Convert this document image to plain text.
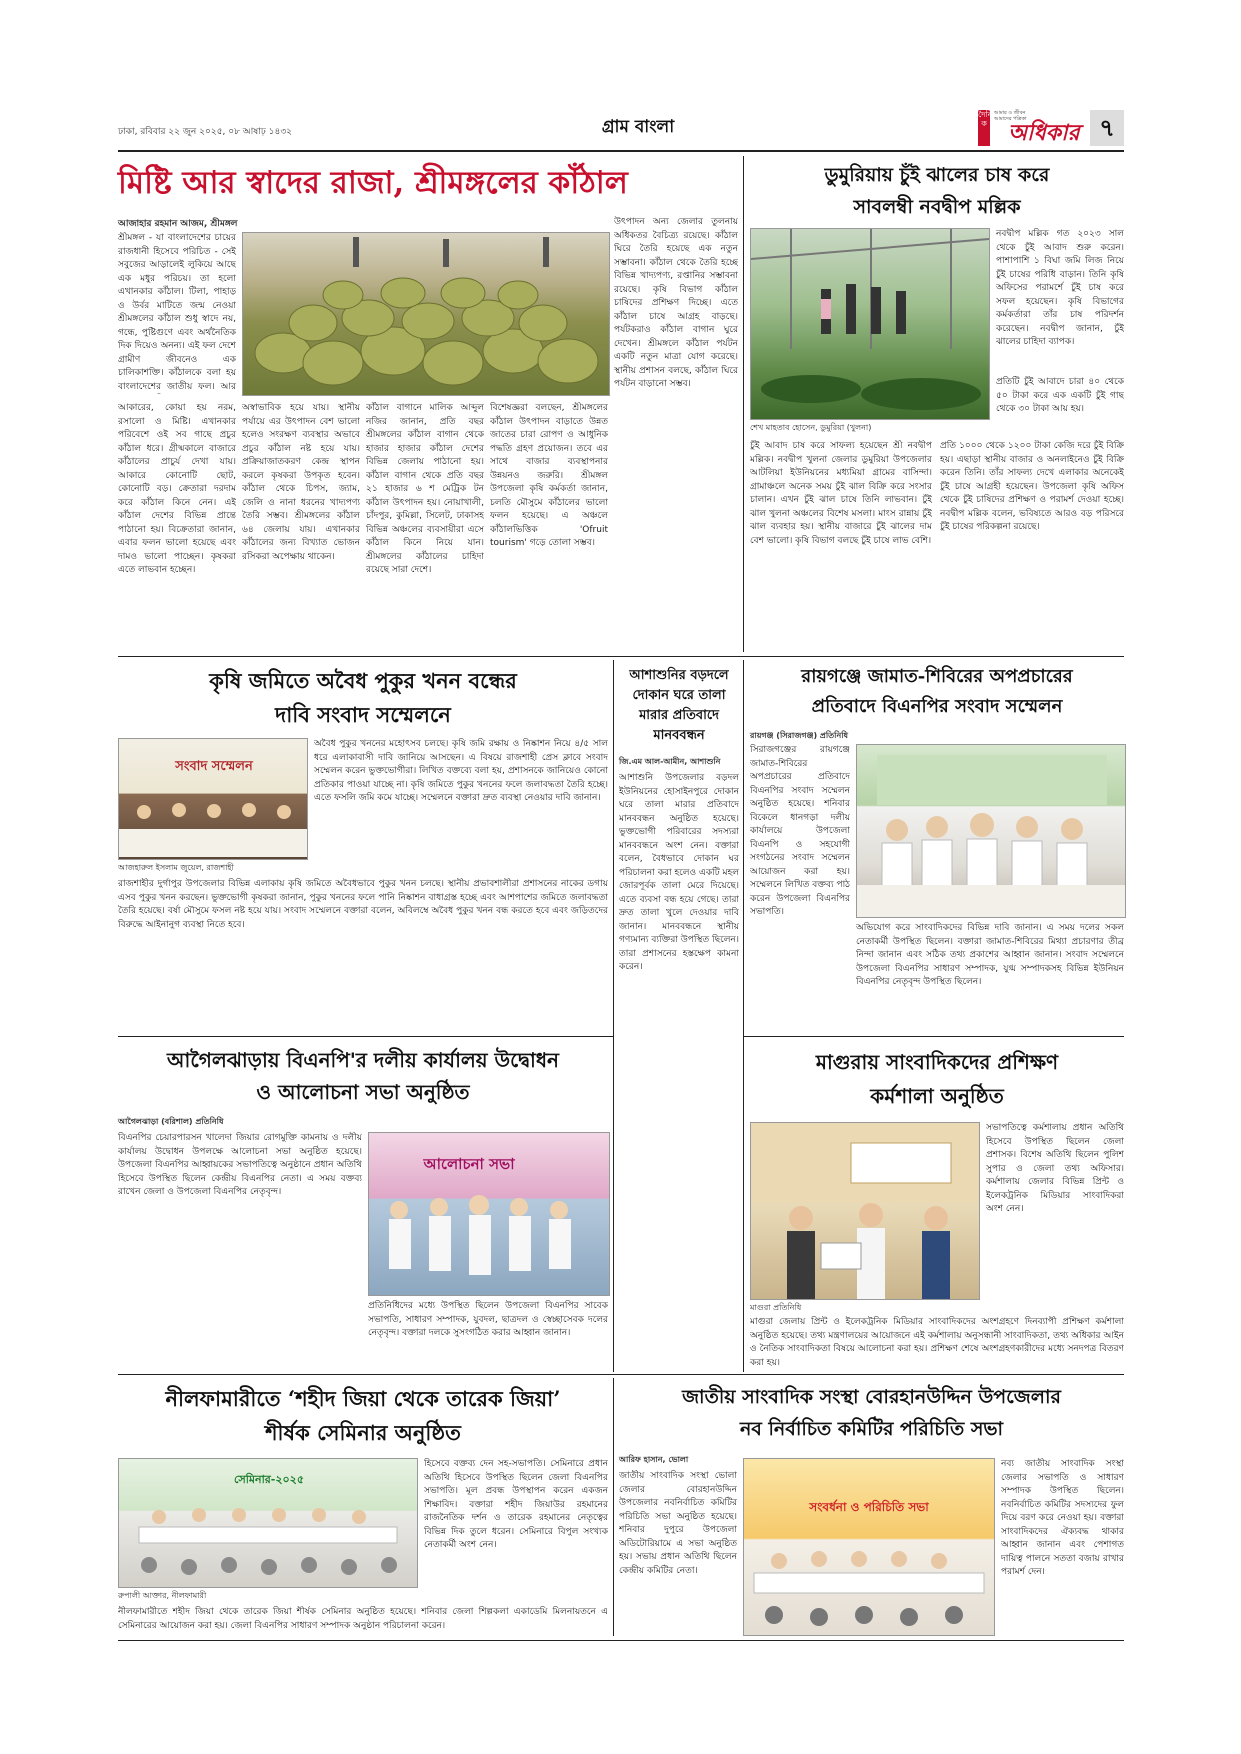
ঢাকা, রবিবার ২২ জুন ২০২৫, ০৮ আষাঢ় ১৪৩২	গ্রাম বাংলা
দৈনিক
আমার ও জীবন আমাদের পত্রিকা
অধিকার ৭
মিষ্টি আর স্বাদের রাজা, শ্রীমঙ্গলের কাঁঠাল
আজাহার রহমান আজম, শ্রীমঙ্গল
শ্রীমঙ্গল - যা বাংলাদেশের চায়ের রাজধানী হিসেবে পরিচিত - সেই সবুজের আড়ালেই লুকিয়ে আছে এক মধুর পরিচয়। তা হলো এখানকার কাঁঠাল। টিলা, পাহাড় ও উর্বর মাটিতে জন্ম নেওয়া শ্রীমঙ্গলের কাঁঠাল শুধু স্বাদে নয়, গন্ধে, পুষ্টিগুণে এবং অর্থনৈতিক দিক দিয়েও অনন্য। এই ফল দেশে গ্রামীণ জীবনেও এক চালিকাশক্তি। কাঁঠালকে বলা হয় বাংলাদেশের জাতীয় ফল। আর
আকারের, কোয়া হয় নরম, রসালো ও মিষ্টি। এখানকার পরিবেশে ওই সব গাছে প্রচুর কাঁঠাল ধরে। গ্রীষ্মকালে বাজারে কাঁঠালের প্রাচুর্য দেখা যায়। আকারে কোনোটি ছোট, কোনোটি বড়। ক্রেতারা দরদাম করে কাঁঠাল কিনে নেন। এই কাঁঠাল দেশের বিভিন্ন প্রান্তে পাঠানো হয়। বিক্রেতারা জানান, এবার ফলন ভালো হয়েছে এবং দামও ভালো পাচ্ছেন। কৃষকরা এতে লাভবান হচ্ছেন।
অস্বাভাবিক হয়ে যায়। স্থানীয় পর্যায়ে এর উৎপাদন বেশ ভালো হলেও সংরক্ষণ ব্যবস্থার অভাবে প্রচুর কাঁঠাল নষ্ট হয়ে যায়। প্রক্রিয়াজাতকরণ কেন্দ্র স্থাপন করলে কৃষকরা উপকৃত হবেন। কাঁঠাল থেকে চিপস, জ্যাম, জেলি ও নানা ধরনের খাদ্যপণ্য তৈরি সম্ভব। শ্রীমঙ্গলের কাঁঠাল ৬৪ জেলায় যায়। এখানকার কাঁঠালের জন্য বিখ্যাত ভোজন রসিকরা অপেক্ষায় থাকেন।
কাঁঠাল বাগানে মালিক আব্দুল নজির জানান, প্রতি বছর শ্রীমঙ্গলের কাঁঠাল বাগান থেকে হাজার হাজার কাঁঠাল দেশের বিভিন্ন জেলায় পাঠানো হয়। কাঁঠাল বাগান থেকে প্রতি বছর ২১ হাজার ৬ শ মেট্রিক টন কাঁঠাল উৎপাদন হয়। নোয়াখালী, চাঁদপুর, কুমিল্লা, সিলেট, ঢাকাসহ বিভিন্ন অঞ্চলের ব্যবসায়ীরা এসে কাঁঠাল কিনে নিয়ে যান। শ্রীমঙ্গলের কাঁঠালের চাহিদা রয়েছে সারা দেশে।
বিশেষজ্ঞরা বলছেন, শ্রীমঙ্গলের কাঁঠাল উৎপাদন বাড়াতে উন্নত জাতের চারা রোপণ ও আধুনিক পদ্ধতি গ্রহণ প্রয়োজন। তবে এর সাথে বাজার ব্যবস্থাপনার উন্নয়নও জরুরি। শ্রীমঙ্গল উপজেলা কৃষি কর্মকর্তা জানান, চলতি মৌসুমে কাঁঠালের ভালো ফলন হয়েছে। এ অঞ্চলে কাঁঠালভিত্তিক 'Ofruit tourism' গড়ে তোলা সম্ভব।
উৎপাদন অন্য জেলার তুলনায় অধিকতর বৈচিত্র্য রয়েছে। কাঁঠাল ঘিরে তৈরি হয়েছে এক নতুন সম্ভাবনা। কাঁঠাল থেকে তৈরি হচ্ছে বিভিন্ন খাদ্যপণ্য, রপ্তানির সম্ভাবনা রয়েছে। কৃষি বিভাগ কাঁঠাল চাষিদের প্রশিক্ষণ দিচ্ছে। এতে কাঁঠাল চাষে আগ্রহ বাড়ছে। পর্যটকরাও কাঁঠাল বাগান ঘুরে দেখেন। শ্রীমঙ্গলে কাঁঠাল পর্যটন একটি নতুন মাত্রা যোগ করেছে। স্থানীয় প্রশাসন বলছে, কাঁঠাল ঘিরে পর্যটন বাড়ানো সম্ভব।
ডুমুরিয়ায় চুঁই ঝালের চাষ করে
সাবলম্বী নবদ্বীপ মল্লিক
শেখ মাহতাব হোসেন, ডুমুরিয়া (খুলনা)
নবদ্বীপ মল্লিক গত ২০২৩ সাল থেকে চুঁই আবাদ শুরু করেন। পাশাপাশি ১ বিঘা জমি লিজ নিয়ে চুঁই চাষের পরিধি বাড়ান। তিনি কৃষি অফিসের পরামর্শে চুঁই চাষ করে সফল হয়েছেন। কৃষি বিভাগের কর্মকর্তারা তাঁর চাষ পরিদর্শন করেছেন। নবদ্বীপ জানান, চুঁই ঝালের চাহিদা ব্যাপক।
প্রতিটি চুঁই আবাদে চারা ৪০ থেকে ৫০ টাকা করে এক একটি চুঁই গাছ থেকে ৩০ টাকা আয় হয়।
চুঁই আবাদ চাষ করে সাফল্য হয়েছেন শ্রী নবদ্বীপ মল্লিক। নবদ্বীপ খুলনা জেলার ডুমুরিয়া উপজেলার আটলিয়া ইউনিয়নের মধ্যমিয়া গ্রামের বাসিন্দা। গ্রামাঞ্চলে অনেক সময় চুঁই ঝাল বিক্রি করে সংসার চালান। এখন চুঁই ঝাল চাষে তিনি লাভবান। চুঁই ঝাল খুলনা অঞ্চলের বিশেষ মসলা। মাংস রান্নায় চুঁই ঝাল ব্যবহার হয়। স্থানীয় বাজারে চুঁই ঝালের দাম বেশ ভালো। কৃষি বিভাগ বলছে চুঁই চাষে লাভ বেশি।
প্রতি ১০০০ থেকে ১২০০ টাকা কেজি দরে চুঁই বিক্রি হয়। এছাড়া স্থানীয় বাজার ও অনলাইনেও চুঁই বিক্রি করেন তিনি। তাঁর সাফল্য দেখে এলাকার অনেকেই চুঁই চাষে আগ্রহী হয়েছেন। উপজেলা কৃষি অফিস থেকে চুঁই চাষিদের প্রশিক্ষণ ও পরামর্শ দেওয়া হচ্ছে। নবদ্বীপ মল্লিক বলেন, ভবিষ্যতে আরও বড় পরিসরে চুঁই চাষের পরিকল্পনা রয়েছে।
কৃষি জমিতে অবৈধ পুকুর খনন বন্ধের
দাবি সংবাদ সম্মেলনে
সংবাদ সম্মেলন
আজহারুল ইসলাম জুয়েল, রাজশাহী
অবৈধ পুকুর খননের মহোৎসব চলছে। কৃষি জমি রক্ষায় ও নিষ্কাশন নিয়ে ৪/৫ সাল ধরে এলাকাবাসী দাবি জানিয়ে আসছেন। এ বিষয়ে রাজশাহী প্রেস ক্লাবে সংবাদ সম্মেলন করেন ভুক্তভোগীরা। লিখিত বক্তব্যে বলা হয়, প্রশাসনকে জানিয়েও কোনো প্রতিকার পাওয়া যাচ্ছে না। কৃষি জমিতে পুকুর খননের ফলে জলাবদ্ধতা তৈরি হচ্ছে। এতে ফসলি জমি কমে যাচ্ছে। সম্মেলনে বক্তারা দ্রুত ব্যবস্থা নেওয়ার দাবি জানান।
রাজশাহীর দুর্গাপুর উপজেলার বিভিন্ন এলাকায় কৃষি জমিতে অবৈধভাবে পুকুর খনন চলছে। স্থানীয় প্রভাবশালীরা প্রশাসনের নাকের ডগায় এসব পুকুর খনন করছেন। ভুক্তভোগী কৃষকরা জানান, পুকুর খননের ফলে পানি নিষ্কাশন বাধাগ্রস্ত হচ্ছে এবং আশপাশের জমিতে জলাবদ্ধতা তৈরি হয়েছে। বর্ষা মৌসুমে ফসল নষ্ট হয়ে যায়। সংবাদ সম্মেলনে বক্তারা বলেন, অবিলম্বে অবৈধ পুকুর খনন বন্ধ করতে হবে এবং জড়িতদের বিরুদ্ধে আইনানুগ ব্যবস্থা নিতে হবে।
আশাশুনির বড়দলে দোকান ঘরে তালা মারার প্রতিবাদে মানববন্ধন
জি.এম আল-আমীন, আশাশুনি
আশাশুনি উপজেলার বড়দল ইউনিয়নের হোসাইনপুরে দোকান ঘরে তালা মারার প্রতিবাদে মানববন্ধন অনুষ্ঠিত হয়েছে। ভুক্তভোগী পরিবারের সদস্যরা মানববন্ধনে অংশ নেন। বক্তারা বলেন, বৈধভাবে দোকান ঘর পরিচালনা করা হলেও একটি মহল জোরপূর্বক তালা মেরে দিয়েছে। এতে ব্যবসা বন্ধ হয়ে গেছে। তারা দ্রুত তালা খুলে দেওয়ার দাবি জানান। মানববন্ধনে স্থানীয় গণ্যমান্য ব্যক্তিরা উপস্থিত ছিলেন। তারা প্রশাসনের হস্তক্ষেপ কামনা করেন।
রায়গঞ্জে জামাত-শিবিরের অপপ্রচারের
প্রতিবাদে বিএনপির সংবাদ সম্মেলন
রায়গঞ্জ (সিরাজগঞ্জ) প্রতিনিধি
সিরাজগঞ্জের রায়গঞ্জে জামাত-শিবিরের অপপ্রচারের প্রতিবাদে বিএনপির সংবাদ সম্মেলন অনুষ্ঠিত হয়েছে। শনিবার বিকেলে ধানগড়া দলীয় কার্যালয়ে উপজেলা বিএনপি ও সহযোগী সংগঠনের সংবাদ সম্মেলন আয়োজন করা হয়। সম্মেলনে লিখিত বক্তব্য পাঠ করেন উপজেলা বিএনপির সভাপতি।
অভিযোগ করে সাংবাদিকদের বিভিন্ন দাবি জানান। এ সময় দলের সকল নেতাকর্মী উপস্থিত ছিলেন। বক্তারা জামাত-শিবিরের মিথ্যা প্রচারণার তীব্র নিন্দা জানান এবং সঠিক তথ্য প্রকাশের আহ্বান জানান। সংবাদ সম্মেলনে উপজেলা বিএনপির সাধারণ সম্পাদক, যুগ্ম সম্পাদকসহ বিভিন্ন ইউনিয়ন বিএনপির নেতৃবৃন্দ উপস্থিত ছিলেন।
আগৈলঝাড়ায় বিএনপি'র দলীয় কার্যালয় উদ্বোধন
ও আলোচনা সভা অনুষ্ঠিত
আগৈলঝাড়া (বরিশাল) প্রতিনিধি
বিএনপির চেয়ারপারসন খালেদা জিয়ার রোগমুক্তি কামনায় ও দলীয় কার্যালয় উদ্বোধন উপলক্ষে আলোচনা সভা অনুষ্ঠিত হয়েছে। উপজেলা বিএনপির আহ্বায়কের সভাপতিত্বে অনুষ্ঠানে প্রধান অতিথি হিসেবে উপস্থিত ছিলেন কেন্দ্রীয় বিএনপির নেতা। এ সময় বক্তব্য রাখেন জেলা ও উপজেলা বিএনপির নেতৃবৃন্দ।
আলোচনা সভা
প্রতিনিধিদের মধ্যে উপস্থিত ছিলেন উপজেলা বিএনপির সাবেক সভাপতি, সাধারণ সম্পাদক, যুবদল, ছাত্রদল ও স্বেচ্ছাসেবক দলের নেতৃবৃন্দ। বক্তারা দলকে সুসংগঠিত করার আহ্বান জানান।
মাগুরায় সাংবাদিকদের প্রশিক্ষণ
কর্মশালা অনুষ্ঠিত
মাগুরা প্রতিনিধি
সভাপতিত্বে কর্মশালায় প্রধান অতিথি হিসেবে উপস্থিত ছিলেন জেলা প্রশাসক। বিশেষ অতিথি ছিলেন পুলিশ সুপার ও জেলা তথ্য অফিসার। কর্মশালায় জেলার বিভিন্ন প্রিন্ট ও ইলেকট্রনিক মিডিয়ার সাংবাদিকরা অংশ নেন।
মাগুরা জেলায় প্রিন্ট ও ইলেকট্রনিক মিডিয়ার সাংবাদিকদের অংশগ্রহণে দিনব্যাপী প্রশিক্ষণ কর্মশালা অনুষ্ঠিত হয়েছে। তথ্য মন্ত্রণালয়ের আয়োজনে এই কর্মশালায় অনুসন্ধানী সাংবাদিকতা, তথ্য অধিকার আইন ও নৈতিক সাংবাদিকতা বিষয়ে আলোচনা করা হয়। প্রশিক্ষণ শেষে অংশগ্রহণকারীদের মধ্যে সনদপত্র বিতরণ করা হয়।
নীলফামারীতে ‘শহীদ জিয়া থেকে তারেক জিয়া’
শীর্ষক সেমিনার অনুষ্ঠিত
সেমিনার-২০২৫
রুপালী আক্তার, নীলফামারী
হিসেবে বক্তব্য দেন সহ-সভাপতি। সেমিনারে প্রধান অতিথি হিসেবে উপস্থিত ছিলেন জেলা বিএনপির সভাপতি। মূল প্রবন্ধ উপস্থাপন করেন একজন শিক্ষাবিদ। বক্তারা শহীদ জিয়াউর রহমানের রাজনৈতিক দর্শন ও তারেক রহমানের নেতৃত্বের বিভিন্ন দিক তুলে ধরেন। সেমিনারে বিপুল সংখ্যক নেতাকর্মী অংশ নেন।
নীলফামারীতে শহীদ জিয়া থেকে তারেক জিয়া শীর্ষক সেমিনার অনুষ্ঠিত হয়েছে। শনিবার জেলা শিল্পকলা একাডেমি মিলনায়তনে এ সেমিনারের আয়োজন করা হয়। জেলা বিএনপির সাধারণ সম্পাদক অনুষ্ঠান পরিচালনা করেন।
জাতীয় সাংবাদিক সংস্থা বোরহানউদ্দিন উপজেলার
নব নির্বাচিত কমিটির পরিচিতি সভা
আরিফ হাসান, ভোলা
জাতীয় সাংবাদিক সংস্থা ভোলা জেলার বোরহানউদ্দিন উপজেলার নবনির্বাচিত কমিটির পরিচিতি সভা অনুষ্ঠিত হয়েছে। শনিবার দুপুরে উপজেলা অডিটোরিয়ামে এ সভা অনুষ্ঠিত হয়। সভায় প্রধান অতিথি ছিলেন কেন্দ্রীয় কমিটির নেতা।
সংবর্ধনা ও পরিচিতি সভা
নব্য জাতীয় সাংবাদিক সংস্থা জেলার সভাপতি ও সাধারণ সম্পাদক উপস্থিত ছিলেন। নবনির্বাচিত কমিটির সদস্যদের ফুল দিয়ে বরণ করে নেওয়া হয়। বক্তারা সাংবাদিকদের ঐক্যবদ্ধ থাকার আহ্বান জানান এবং পেশাগত দায়িত্ব পালনে সততা বজায় রাখার পরামর্শ দেন।
